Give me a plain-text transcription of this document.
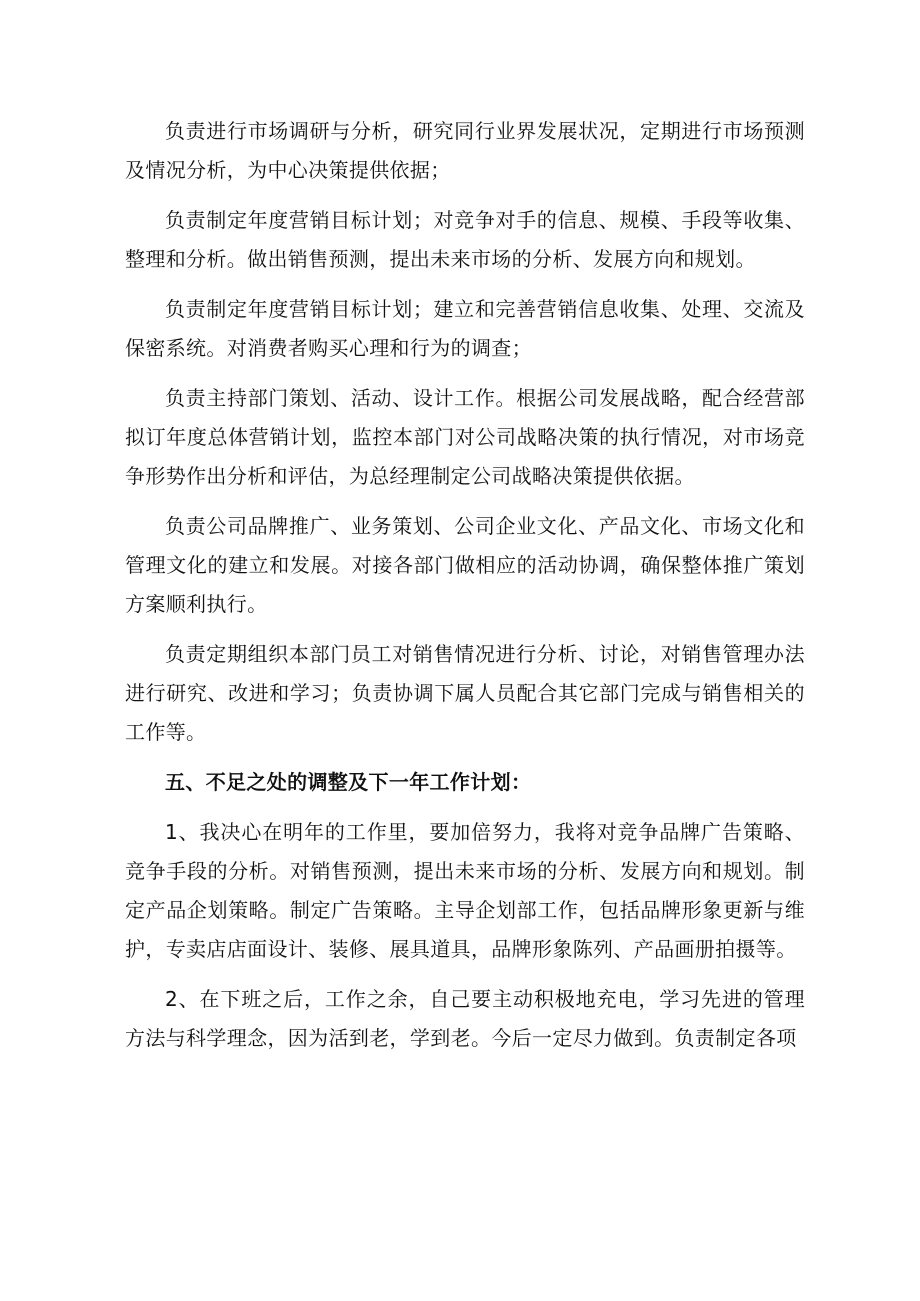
负责进行市场调研与分析，研究同行业界发展状况，定期进行市场预测及情况分析，为中心决策提供依据；

负责制定年度营销目标计划；对竞争对手的信息、规模、手段等收集、整理和分析。做出销售预测，提出未来市场的分析、发展方向和规划。

负责制定年度营销目标计划；建立和完善营销信息收集、处理、交流及保密系统。对消费者购买心理和行为的调查；

负责主持部门策划、活动、设计工作。根据公司发展战略，配合经营部拟订年度总体营销计划，监控本部门对公司战略决策的执行情况，对市场竞争形势作出分析和评估，为总经理制定公司战略决策提供依据。

负责公司品牌推广、业务策划、公司企业文化、产品文化、市场文化和管理文化的建立和发展。对接各部门做相应的活动协调，确保整体推广策划方案顺利执行。

负责定期组织本部门员工对销售情况进行分析、讨论，对销售管理办法进行研究、改进和学习；负责协调下属人员配合其它部门完成与销售相关的工作等。

五、不足之处的调整及下一年工作计划：

1、我决心在明年的工作里，要加倍努力，我将对竞争品牌广告策略、竞争手段的分析。对销售预测，提出未来市场的分析、发展方向和规划。制定产品企划策略。制定广告策略。主导企划部工作，包括品牌形象更新与维护，专卖店店面设计、装修、展具道具，品牌形象陈列、产品画册拍摄等。

2、在下班之后，工作之余，自己要主动积极地充电，学习先进的管理方法与科学理念，因为活到老，学到老。今后一定尽力做到。负责制定各项
